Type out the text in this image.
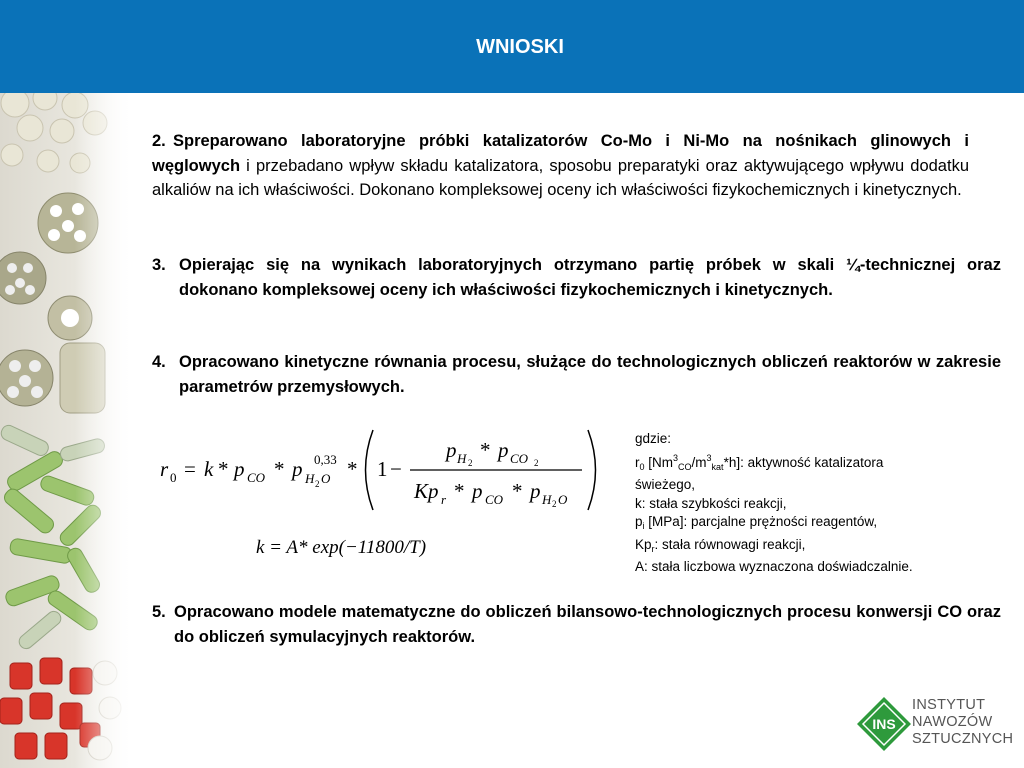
WNIOSKI
2. Spreparowano laboratoryjne próbki katalizatorów Co-Mo i Ni-Mo na nośnikach glinowych i węglowych i przebadano wpływ składu katalizatora, sposobu preparatyki oraz aktywującego wpływu dodatku alkaliów na ich właściwości. Dokonano kompleksowej oceny ich właściwości fizykochemicznych i kinetycznych.
3. Opierając się na wynikach laboratoryjnych otrzymano partię próbek w skali ¼-technicznej oraz dokonano kompleksowej oceny ich właściwości fizykochemicznych i kinetycznych.
4. Opracowano kinetyczne równania procesu, służące do technologicznych obliczeń reaktorów w zakresie parametrów przemysłowych.
r 0 = k * p CO * p 0,33
H 2 O * 1 −
p H 2
* p CO 2
Kp r * p CO * p H 2 O
k = A* exp(−11800/T)
gdzie:
$r_0$ $[Nm^3_{CO}/m^3_{kat}*h]$: aktywność katalizatora
świeżego,
k: stała szybkości reakcji,
$p_i$ [MPa]: parcjalne prężności reagentów,
$Kp_r$: stała równowagi reakcji,
A: stała liczbowa wyznaczona doświadczalnie.
5. Opracowano modele matematyczne do obliczeń bilansowo-technologicznych procesu konwersji CO oraz do obliczeń symulacyjnych reaktorów.
INS
INSTYTUT
NAWOZÓW
SZTUCZNYCH
